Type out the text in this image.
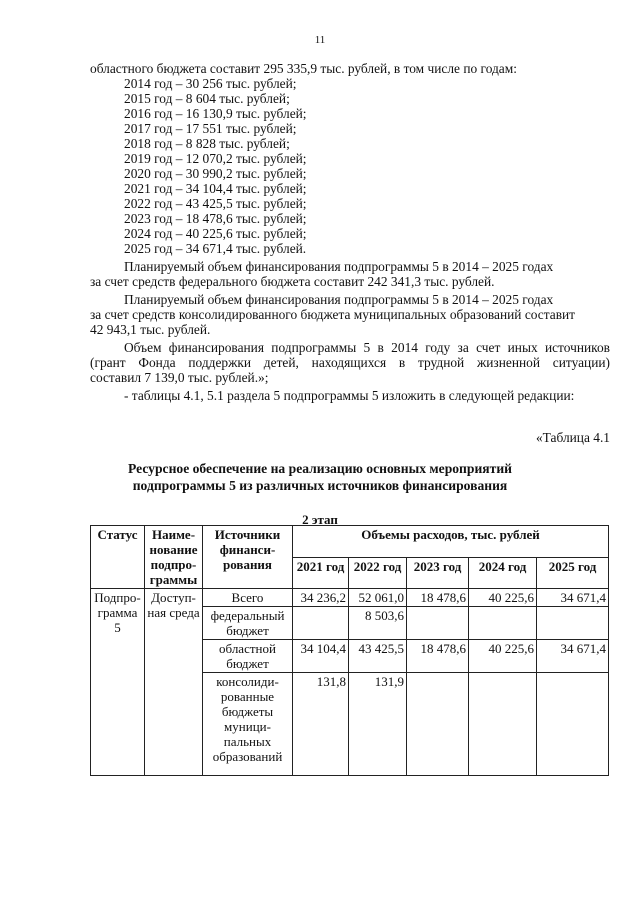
11
областного бюджета составит 295 335,9 тыс. рублей, в том числе по годам:
2014 год – 30 256 тыс. рублей;
2015 год – 8 604 тыс. рублей;
2016 год – 16 130,9 тыс. рублей;
2017 год – 17 551 тыс. рублей;
2018 год – 8 828 тыс. рублей;
2019 год – 12 070,2 тыс. рублей;
2020 год – 30 990,2 тыс. рублей;
2021 год – 34 104,4 тыс. рублей;
2022 год – 43 425,5 тыс. рублей;
2023 год – 18 478,6 тыс. рублей;
2024 год – 40 225,6 тыс. рублей;
2025 год – 34 671,4 тыс. рублей.
Планируемый объем финансирования подпрограммы 5 в 2014 – 2025 годах
за счет средств федерального бюджета составит 242 341,3 тыс. рублей.
Планируемый объем финансирования подпрограммы 5 в 2014 – 2025 годах
за счет средств консолидированного бюджета муниципальных образований составит
42 943,1 тыс. рублей.
Объем финансирования подпрограммы 5 в 2014 году за счет иных источников
(грант Фонда поддержки детей, находящихся в трудной жизненной ситуации)
составил 7 139,0 тыс. рублей.»;
- таблицы 4.1, 5.1 раздела 5 подпрограммы 5 изложить в следующей редакции:
«Таблица 4.1
Ресурсное обеспечение на реализацию основных мероприятий
подпрограммы 5 из различных источников финансирования
2 этап
Статус	Наиме-нование подпро-граммы	Источники финанси-рования	Объемы расходов, тыс. рублей				
			2021 год	2022 год	2023 год	2024 год	2025 год
Подпро-грамма 5	Доступ-ная среда	Всего	34 236,2	52 061,0	18 478,6	40 225,6	34 671,4
		федеральный бюджет		8 503,6			
		областной бюджет	34 104,4	43 425,5	18 478,6	40 225,6	34 671,4
		консолиди-рованные бюджеты муници-пальных образований	131,8	131,9			
